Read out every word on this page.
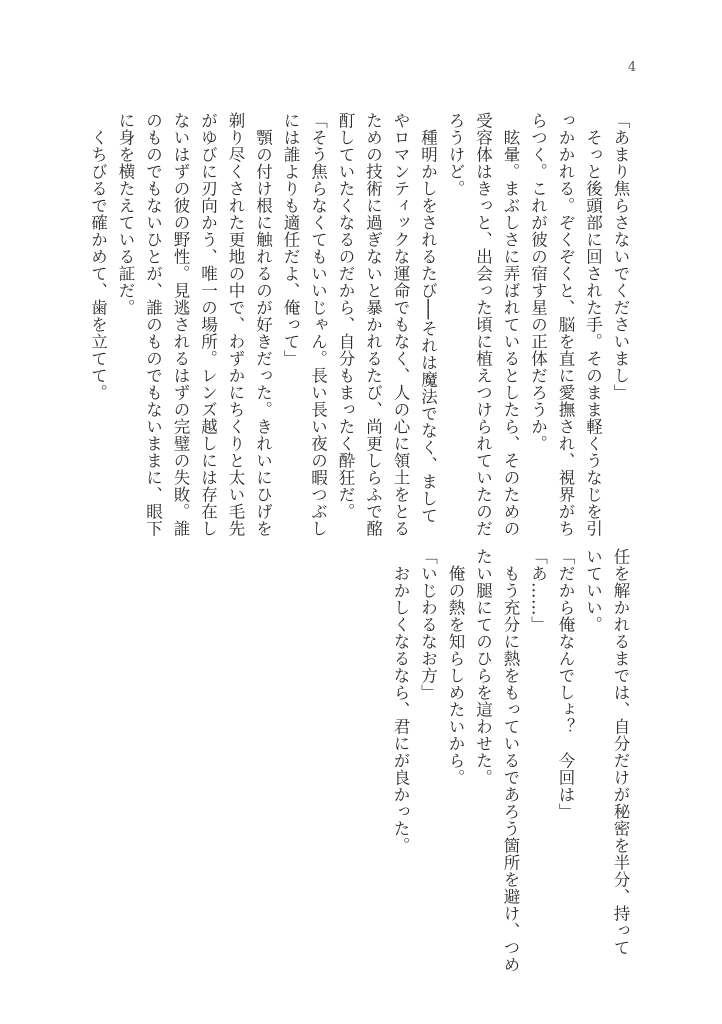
4
「あまり焦らさないでくださいまし」
　そっと後頭部に回された手。そのまま軽くうなじを引
っかかれる。ぞくぞくと、脳を直に愛撫され、視界がち
らつく。これが彼の宿す星の正体だろうか。
　眩暈。まぶしさに弄ばれているとしたら、そのための
受容体はきっと、出会った頃に植えつけられていたのだ
ろうけど。
　種明かしをされるたび──それは魔法でなく、まして
やロマンティックな運命でもなく、人の心に領土をとる
ための技術に過ぎないと暴かれるたび、尚更しらふで酩
酊していたくなるのだから、自分もまったく酔狂だ。
「そう焦らなくてもいいじゃん。長い長い夜の暇つぶし
には誰よりも適任だよ、俺って」
　顎の付け根に触れるのが好きだった。きれいにひげを
剃り尽くされた更地の中で、わずかにちくりと太い毛先
がゆびに刃向かう、唯一の場所。レンズ越しには存在し
ないはずの彼の野性。見逃されるはずの完璧の失敗。誰
のものでもないひとが、誰のものでもないままに、眼下
に身を横たえている証だ。
　くちびるで確かめて、歯を立てて。
任を解かれるまでは、自分だけが秘密を半分、持って
いていい。
「だから俺なんでしょ？　今回は」
「あ……」
　もう充分に熱をもっているであろう箇所を避け、つめ
たい腿にてのひらを這わせた。
　俺の熱を知らしめたいから。
「いじわるなお方」
　おかしくなるなら、君にが良かった。
